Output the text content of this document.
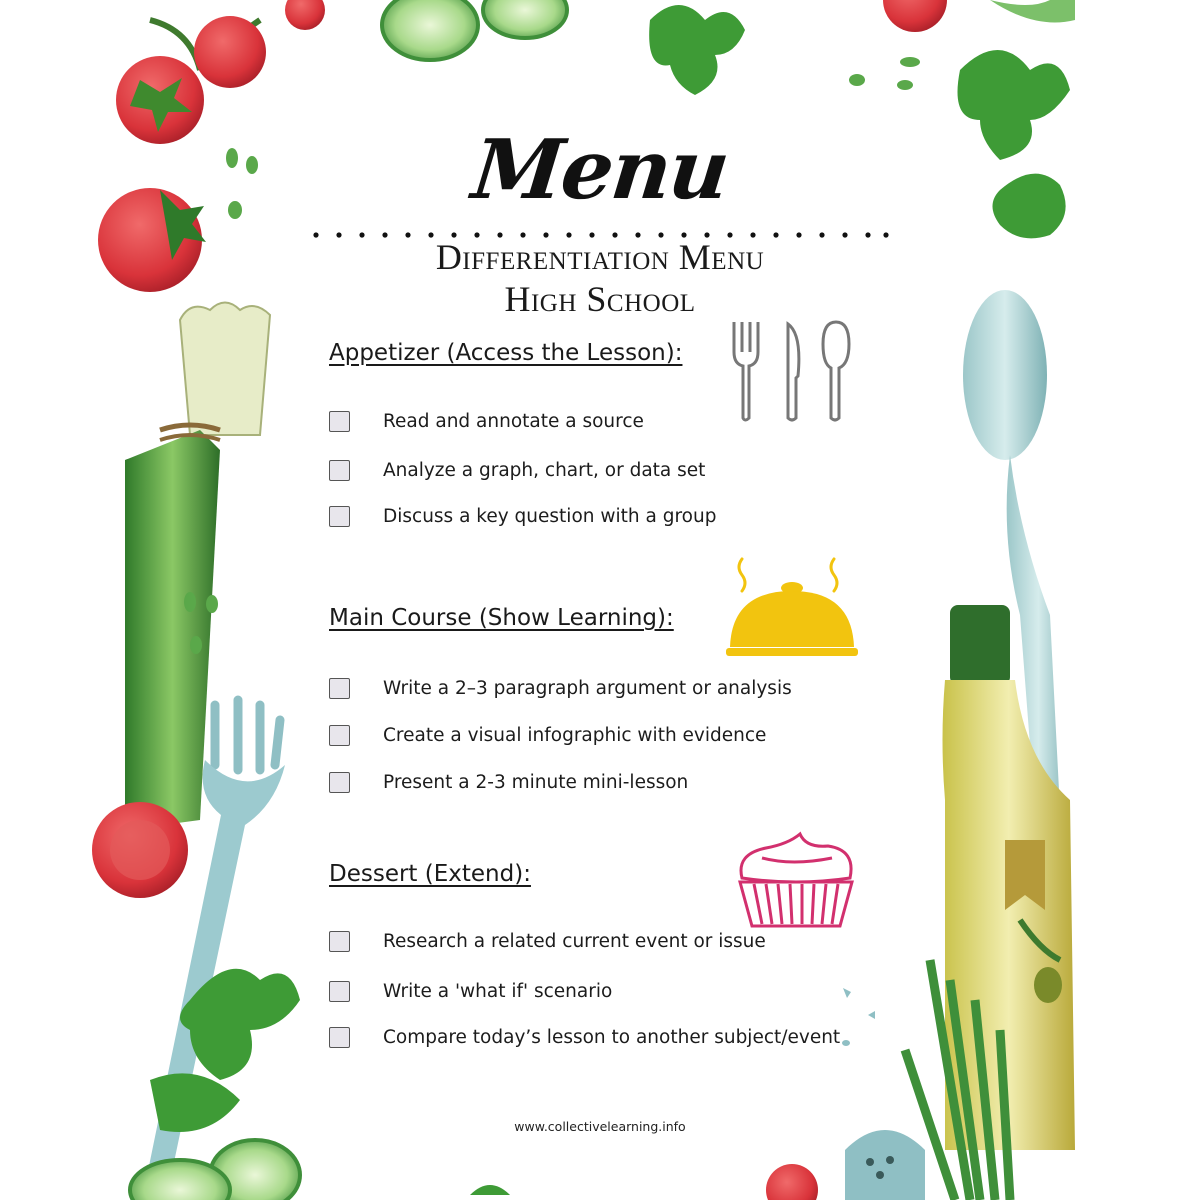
Menu
Differentiation Menu
High School
Appetizer (Access the Lesson):
Read and annotate a source
Analyze a graph, chart, or data set
Discuss a key question with a group
Main Course (Show Learning):
Write a 2–3 paragraph argument or analysis
Create a visual infographic with evidence
Present a 2-3 minute mini-lesson
Dessert (Extend):
Research a related current event or issue
Write a 'what if' scenario
Compare today’s lesson to another subject/event
www.collectivelearning.info
